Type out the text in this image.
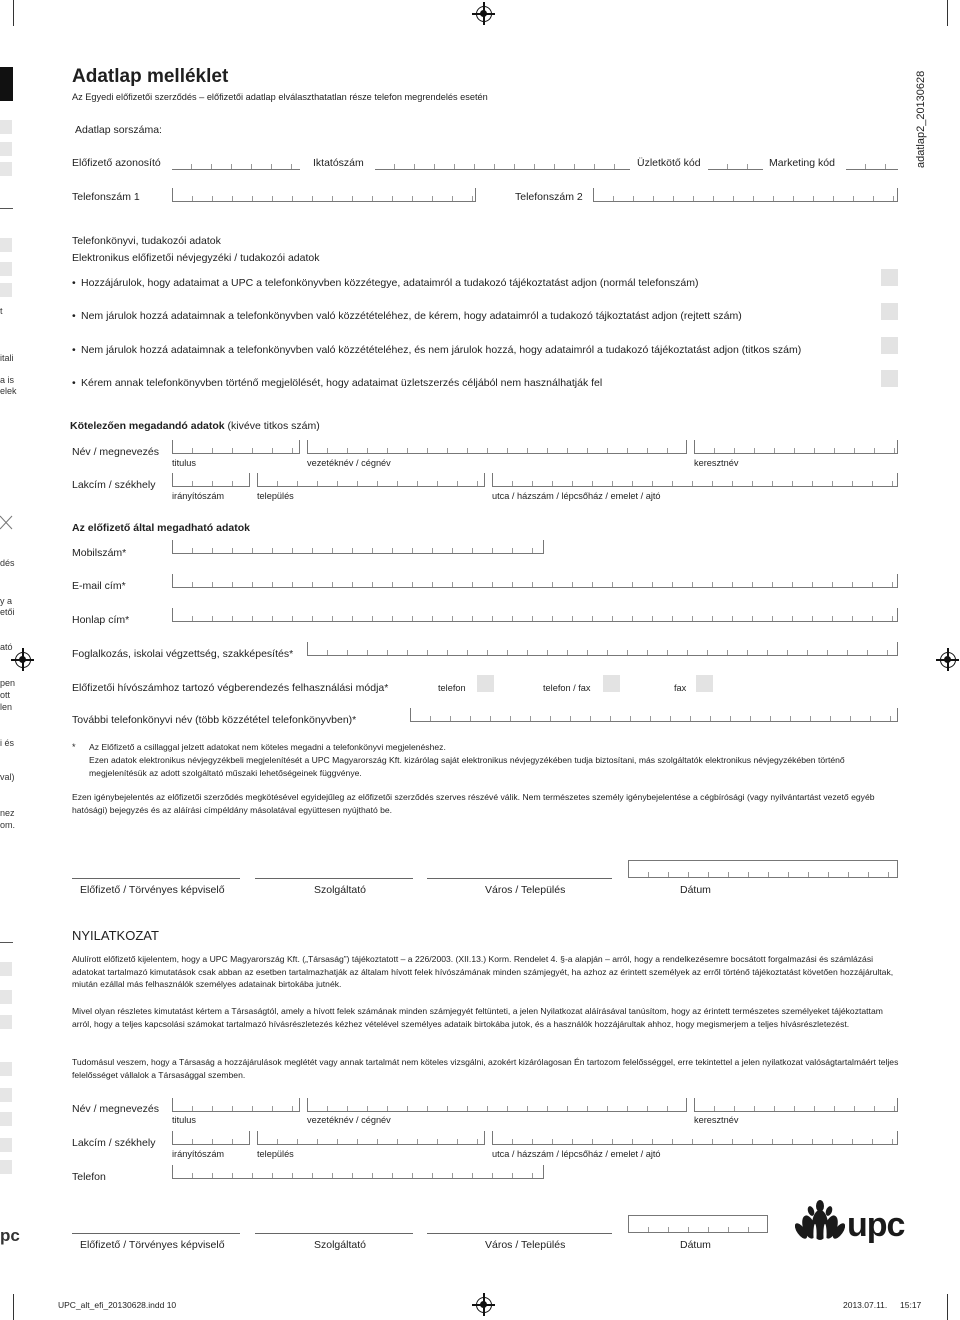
t
itali
a is
elek
dés
y a
etői
ató
pen
ott
len
i és
val)
nez
om.
pc
Adatlap melléklet
Az Egyedi előfizetői szerződés – előfizetői adatlap elválaszthatatlan része telefon megrendelés esetén	adatlap2_20130628
Adatlap sorszáma:
Előfizető azonosító	Iktatószám	Üzletkötő kód	Marketing kód
Telefonszám 1	Telefonszám 2
Telefonkönyvi, tudakozói adatok
Elektronikus előfizetői névjegyzéki / tudakozói adatok
• Hozzájárulok, hogy adataimat a UPC a telefonkönyvben közzétegye, adataimról a tudakozó tájékoztatást adjon (normál telefonszám)
• Nem járulok hozzá adataimnak a telefonkönyvben való közzétételéhez, de kérem, hogy adataimról a tudakozó tájkoztatást adjon (rejtett szám)
• Nem járulok hozzá adataimnak a telefonkönyvben való közzétételéhez, és nem járulok hozzá, hogy adataimról a tudakozó tájékoztatást adjon (titkos szám)
• Kérem annak telefonkönyvben történő megjelölését, hogy adataimat üzletszerzés céljából nem használhatják fel
Kötelezően megadandó adatok (kivéve titkos szám)
Név / megnevezés
titulus	vezetéknév / cégnév	keresztnév
Lakcím / székhely
irányítószám	település	utca / házszám / lépcsőház / emelet / ajtó
Az előfizető által megadható adatok
Mobilszám*
E-mail cím*
Honlap cím*
Foglalkozás, iskolai végzettség, szakképesítés*
Előfizetői hívószámhoz tartozó végberendezés felhasználási módja*	telefon	telefon / fax	fax
További telefonkönyvi név (több közzététel telefonkönyvben)*
* Az Előfizető a csillaggal jelzett adatokat nem köteles megadni a telefonkönyvi megjelenéshez.
Ezen adatok elektronikus névjegyzékbeli megjelenítését a UPC Magyarország Kft. kizárólag saját elektronikus névjegyzékében tudja biztosítani, más szolgáltatók elektronikus névjegyzékében történő megjelenítésük az adott szolgáltató műszaki lehetőségeinek függvénye.
Ezen igénybejelentés az előfizetői szerződés megkötésével egyidejűleg az előfizetői szerződés szerves részévé válik. Nem természetes személy igénybejelentése a cégbírósági (vagy nyilvántartást vezető egyéb hatósági) bejegyzés és az aláírási címpéldány másolatával együttesen nyújtható be.
Előfizető / Törvényes képviselő	Szolgáltató	Város / Település	Dátum
NYILATKOZAT
Alulírott előfizető kijelentem, hogy a UPC Magyarország Kft. („Társaság”) tájékoztatott – a 226/2003. (XII.13.) Korm. Rendelet 4. §-a alapján – arról, hogy a rendelkezésemre bocsátott forgalmazási és számlázási adatokat tartalmazó kimutatások csak abban az esetben tartalmazhatják az általam hívott felek hívószámának minden számjegyét, ha azhoz az érintett személyek az erről történő tájékoztatást követően hozzájárultak, miután ezállal más felhasználók személyes adatainak birtokába jutnék.
Mivel olyan részletes kimutatást kértem a Társaságtól, amely a hívott felek számának minden számjegyét feltünteti, a jelen Nyilatkozat aláírásával tanúsítom, hogy az érintett természetes személyeket tájékoztattam arról, hogy a teljes kapcsolási számokat tartalmazó hívásrészletezés kézhez vételével személyes adataik birtokába jutok, és a használók hozzájárultak ahhoz, hogy megismerjem a teljes hívásrészletezést.
Tudomásul veszem, hogy a Társaság a hozzájárulások meglétét vagy annak tartalmát nem köteles vizsgálni, azokért kizárólagosan Én tartozom felelősséggel, erre tekintettel a jelen nyilatkozat valóságtartalmáért teljes felelősséget vállalok a Társasággal szemben.
Név / megnevezés
titulus	vezetéknév / cégnév	keresztnév
Lakcím / székhely
irányítószám	település	utca / házszám / lépcsőház / emelet / ajtó
Telefon
Előfizető / Törvényes képviselő	Szolgáltató	Város / Település	Dátum
upc
UPC_alt_efi_20130628.indd 10	2013.07.11. 15:17
